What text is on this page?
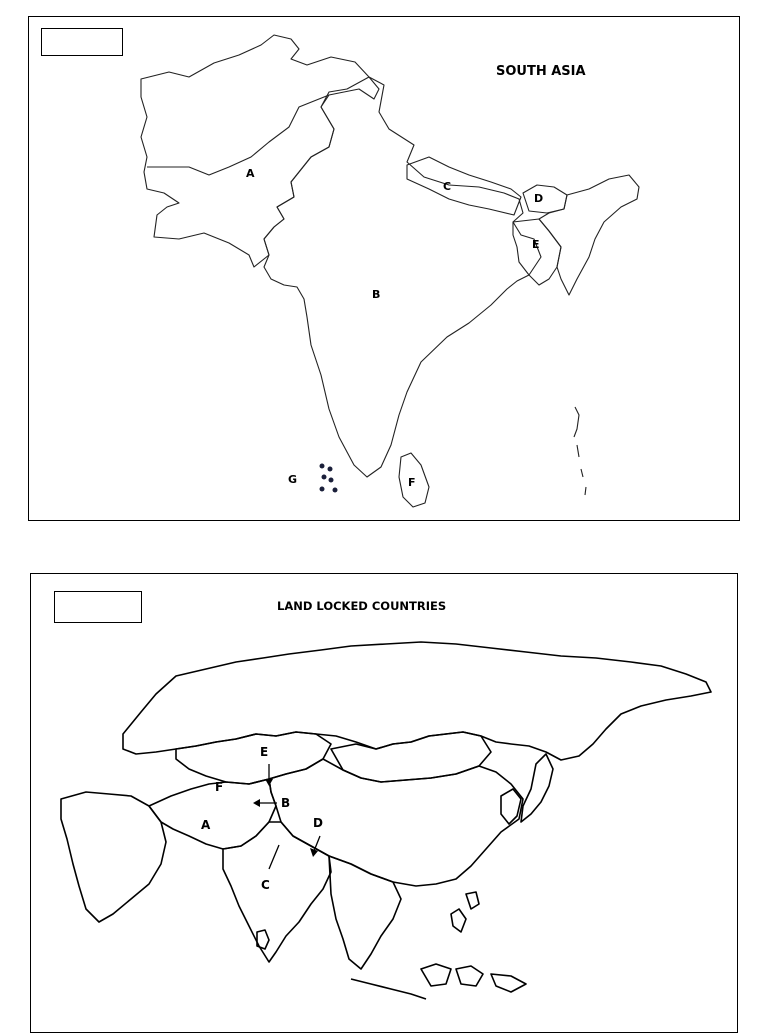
SOUTH ASIA
A
B
C
D
E
F
G
LAND LOCKED COUNTRIES
A
B
C
D
E
F
